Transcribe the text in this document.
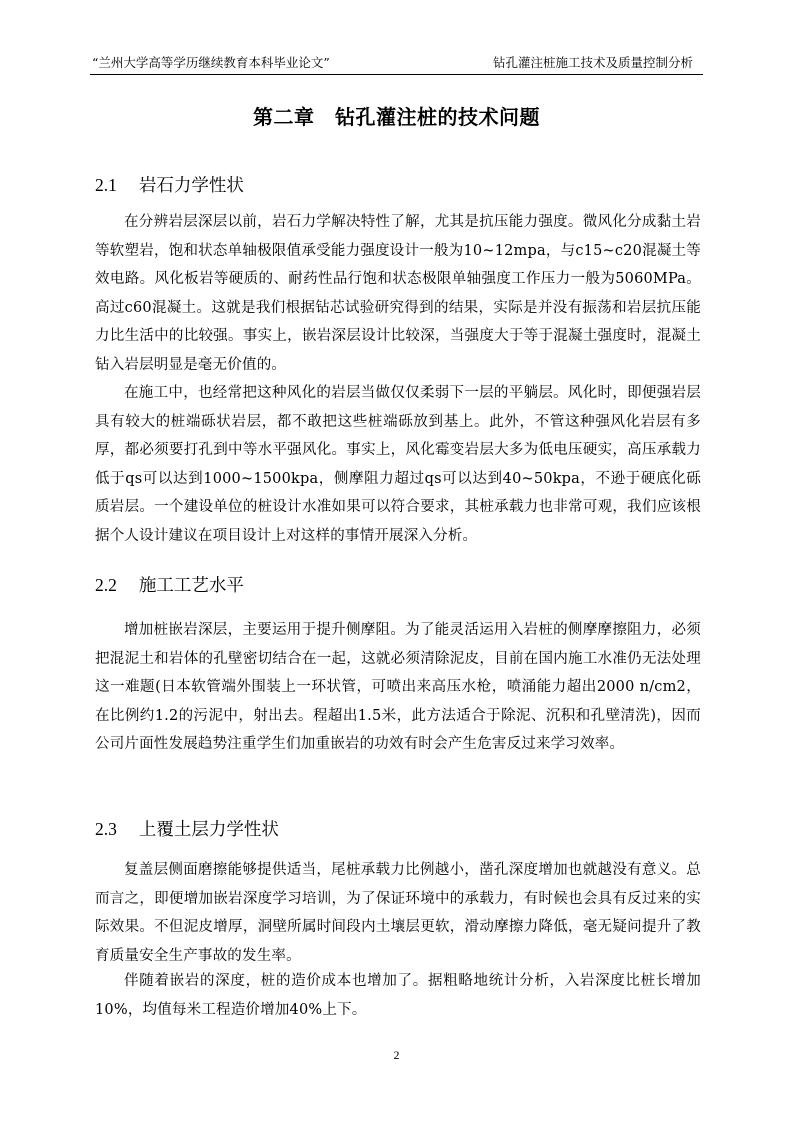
“兰州大学高等学历继续教育本科毕业论文”	钻孔灌注桩施工技术及质量控制分析
第二章　钻孔灌注桩的技术问题
2.1 岩石力学性状

在分辨岩层深层以前，岩石力学解决特性了解，尤其是抗压能力强度。微风化分成黏土岩等软塑岩，饱和状态单轴极限值承受能力强度设计一般为10~12mpa，与c15~c20混凝土等效电路。风化板岩等硬质的、耐药性品行饱和状态极限单轴强度工作压力一般为5060MPa。高过c60混凝土。这就是我们根据钻芯试验研究得到的结果，实际是并没有振荡和岩层抗压能力比生活中的比较强。事实上，嵌岩深层设计比较深，当强度大于等于混凝土强度时，混凝土钻入岩层明显是毫无价值的。

在施工中，也经常把这种风化的岩层当做仅仅柔弱下一层的平躺层。风化时，即便强岩层具有较大的桩端砾状岩层，都不敢把这些桩端砾放到基上。此外，不管这种强风化岩层有多厚，都必须要打孔到中等水平强风化。事实上，风化霉变岩层大多为低电压硬实，高压承载力低于qs可以达到1000~1500kpa，侧摩阻力超过qs可以达到40~50kpa，不逊于硬底化砾质岩层。一个建设单位的桩设计水准如果可以符合要求，其桩承载力也非常可观，我们应该根据个人设计建议在项目设计上对这样的事情开展深入分析。

2.2 施工工艺水平

增加桩嵌岩深层，主要运用于提升侧摩阻。为了能灵活运用入岩桩的侧摩摩擦阻力，必须把混泥土和岩体的孔壁密切结合在一起，这就必须清除泥皮，目前在国内施工水准仍无法处理这一难题(日本软管端外围装上一环状管，可喷出来高压水枪，喷涌能力超出2000 n/cm2，在比例约1.2的污泥中，射出去。程超出1.5米，此方法适合于除泥、沉积和孔壁清洗)，因而公司片面性发展趋势注重学生们加重嵌岩的功效有时会产生危害反过来学习效率。

2.3 上覆土层力学性状

复盖层侧面磨擦能够提供适当，尾桩承载力比例越小，凿孔深度增加也就越没有意义。总而言之，即便增加嵌岩深度学习培训，为了保证环境中的承载力，有时候也会具有反过来的实际效果。不但泥皮增厚，洞壁所属时间段内土壤层更软，滑动摩擦力降低，毫无疑问提升了教育质量安全生产事故的发生率。

伴随着嵌岩的深度，桩的造价成本也增加了。据粗略地统计分析，入岩深度比桩长增加10%，均值每米工程造价增加40%上下。

2
